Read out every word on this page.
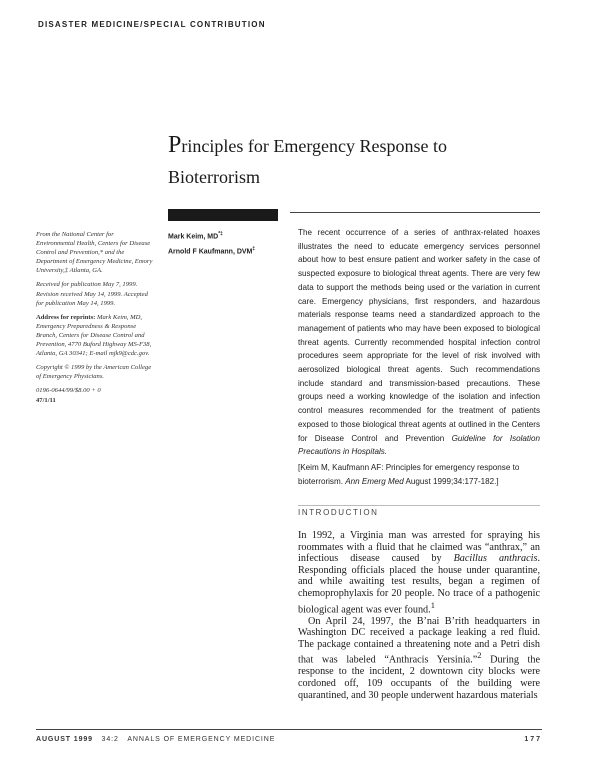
DISASTER MEDICINE/SPECIAL CONTRIBUTION
Principles for Emergency Response to
Bioterrorism
Mark Keim, MD*‡
Arnold F Kaufmann, DVM‡

From the National Center for Environmental Health, Centers for Disease Control and Prevention,* and the Department of Emergency Medicine, Emory University,‡ Atlanta, GA.

Received for publication May 7, 1999. Revision received May 14, 1999. Accepted for publication May 14, 1999.

Address for reprints: Mark Keim, MD, Emergency Preparedness & Response Branch, Centers for Disease Control and Prevention, 4770 Buford Highway MS-F38, Atlanta, GA 30341; E-mail mjk9@cdc.gov.

Copyright © 1999 by the American College of Emergency Physicians.

0196-0644/99/$8.00 + 0

47/1/11

The recent occurrence of a series of anthrax-related hoaxes illustrates the need to educate emergency services personnel about how to best ensure patient and worker safety in the case of suspected exposure to biological threat agents. There are very few data to support the methods being used or the variation in current care. Emergency physicians, first responders, and hazardous materials response teams need a standardized approach to the management of patients who may have been exposed to biological threat agents. Currently recommended hospital infection control procedures seem appropriate for the level of risk involved with aerosolized biological threat agents. Such recommendations include standard and transmission-based precautions. These groups need a working knowledge of the isolation and infection control measures recommended for the treatment of patients exposed to those biological threat agents at outlined in the Centers for Disease Control and Prevention Guideline for Isolation Precautions in Hospitals.
[Keim M, Kaufmann AF: Principles for emergency response to bioterrorism. Ann Emerg Med August 1999;34:177-182.]
INTRODUCTION

In 1992, a Virginia man was arrested for spraying his roommates with a fluid that he claimed was “anthrax,” an infectious disease caused by Bacillus anthracis. Responding officials placed the house under quarantine, and while awaiting test results, began a regimen of chemoprophylaxis for 20 people. No trace of a pathogenic biological agent was ever found.$^1$

On April 24, 1997, the B’nai B’rith headquarters in Washington DC received a package leaking a red fluid. The package contained a threatening note and a Petri dish that was labeled “Anthracis Yersinia.”$^2$ During the response to the incident, 2 downtown city blocks were cordoned off, 109 occupants of the building were quarantined, and 30 people underwent hazardous materials

AUGUST 1999 34:2 ANNALS OF EMERGENCY MEDICINE	177
